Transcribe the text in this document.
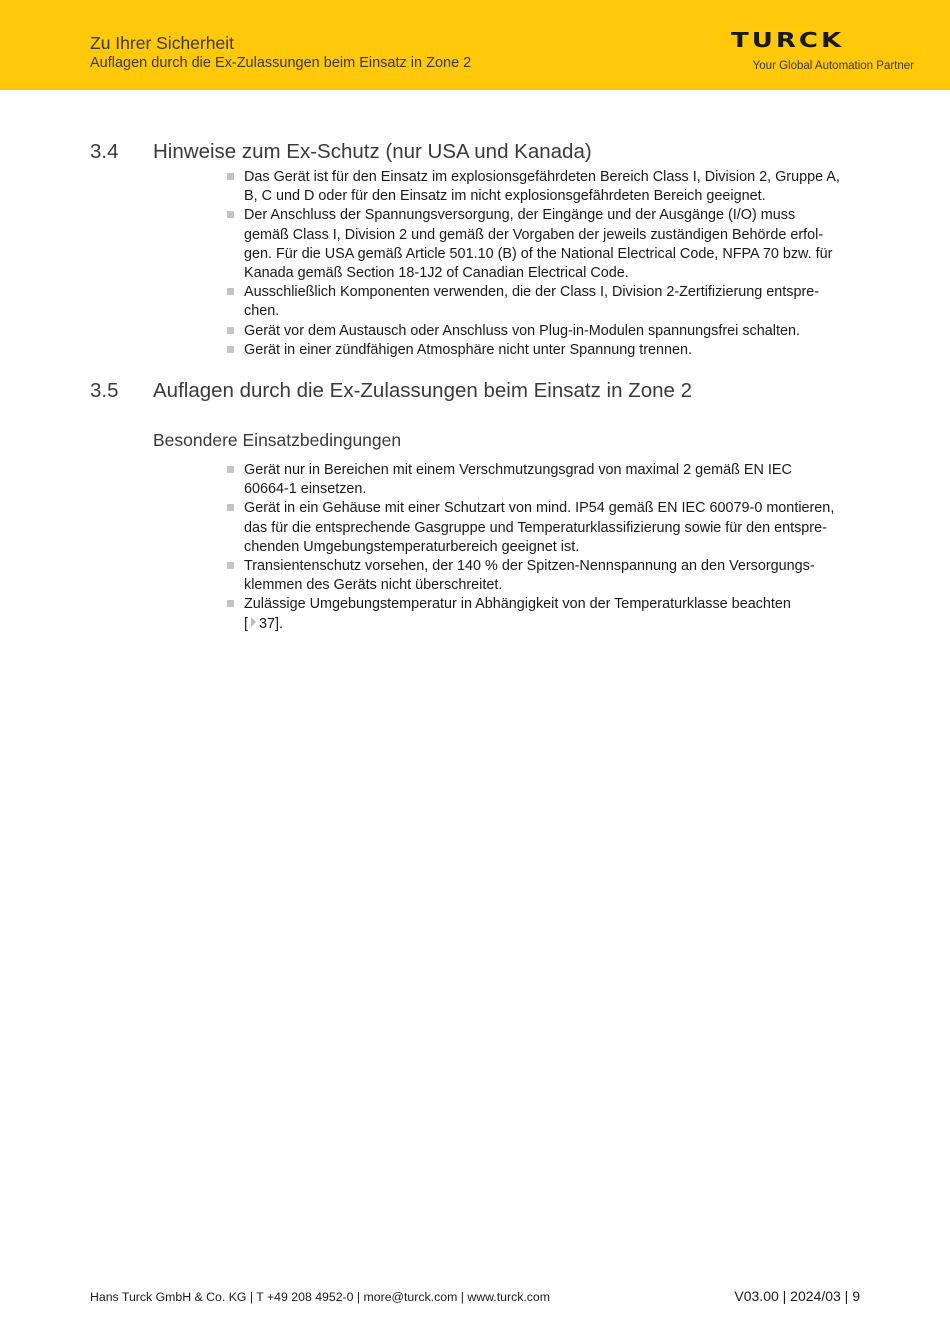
Zu Ihrer Sicherheit
Auflagen durch die Ex-Zulassungen beim Einsatz in Zone 2
TURCK
Your Global Automation Partner
3.4 Hinweise zum Ex-Schutz (nur USA und Kanada)
Das Gerät ist für den Einsatz im explosionsgefährdeten Bereich Class I, Division 2, Gruppe A,
B, C und D oder für den Einsatz im nicht explosionsgefährdeten Bereich geeignet.
Der Anschluss der Spannungsversorgung, der Eingänge und der Ausgänge (I/O) muss
gemäß Class I, Division 2 und gemäß der Vorgaben der jeweils zuständigen Behörde erfol-
gen. Für die USA gemäß Article 501.10 (B) of the National Electrical Code, NFPA 70 bzw. für
Kanada gemäß Section 18-1J2 of Canadian Electrical Code.
Ausschließlich Komponenten verwenden, die der Class I, Division 2-Zertifizierung entspre-
chen.
Gerät vor dem Austausch oder Anschluss von Plug-in-Modulen spannungsfrei schalten.
Gerät in einer zündfähigen Atmosphäre nicht unter Spannung trennen.
3.5 Auflagen durch die Ex-Zulassungen beim Einsatz in Zone 2
Besondere Einsatzbedingungen
Gerät nur in Bereichen mit einem Verschmutzungsgrad von maximal 2 gemäß EN IEC
60664-1 einsetzen.
Gerät in ein Gehäuse mit einer Schutzart von mind. IP54 gemäß EN IEC 60079-0 montieren,
das für die entsprechende Gasgruppe und Temperaturklassifizierung sowie für den entspre-
chenden Umgebungstemperaturbereich geeignet ist.
Transientenschutz vorsehen, der 140 % der Spitzen-Nennspannung an den Versorgungs-
klemmen des Geräts nicht überschreitet.
Zulässige Umgebungstemperatur in Abhängigkeit von der Temperaturklasse beachten
[ 37].
Hans Turck GmbH & Co. KG | T +49 208 4952-0 | more@turck.com | www.turck.com	V03.00 | 2024/03 | 9
